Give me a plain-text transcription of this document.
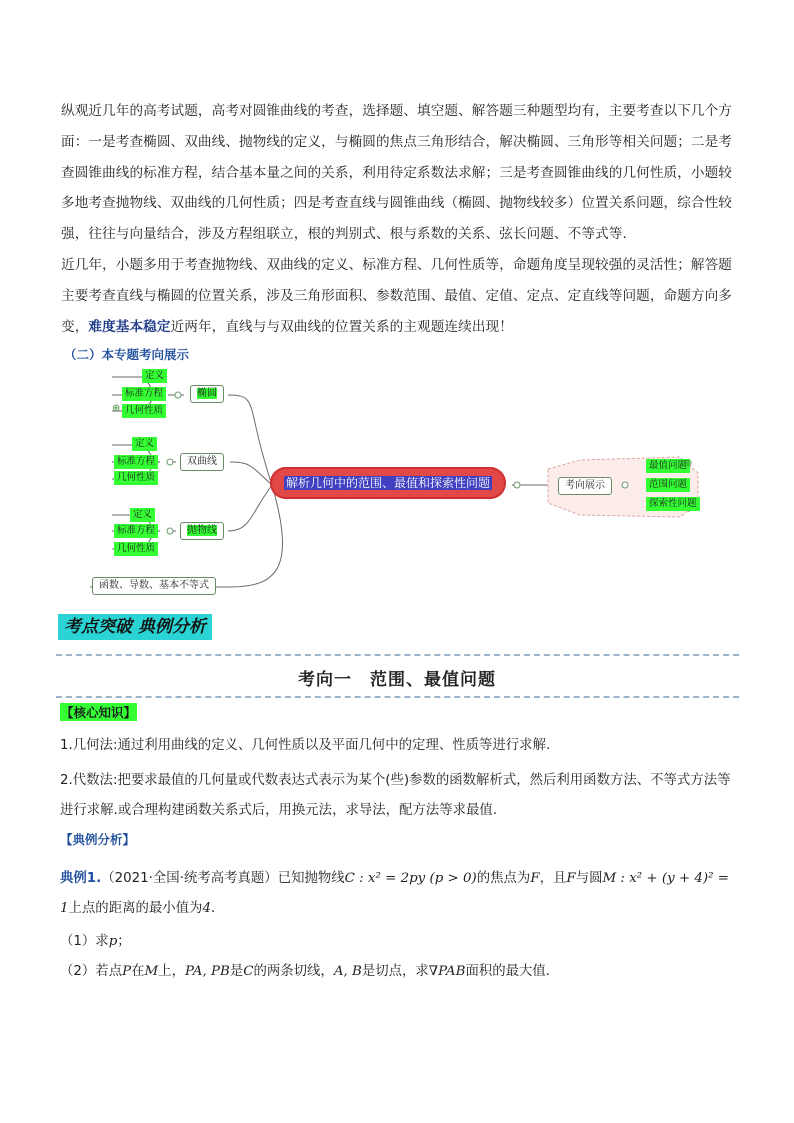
纵观近几年的高考试题，高考对圆锥曲线的考查，选择题、填空题、解答题三种题型均有，主要考查以下几个方面：一是考查椭圆、双曲线、抛物线的定义，与椭圆的焦点三角形结合，解决椭圆、三角形等相关问题；二是考查圆锥曲线的标准方程，结合基本量之间的关系，利用待定系数法求解；三是考查圆锥曲线的几何性质，小题较多地考查抛物线、双曲线的几何性质；四是考查直线与圆锥曲线（椭圆、抛物线较多）位置关系问题，综合性较强，往往与向量结合，涉及方程组联立，根的判别式、根与系数的关系、弦长问题、不等式等.

近几年，小题多用于考查抛物线、双曲线的定义、标准方程、几何性质等，命题角度呈现较强的灵活性；解答题主要考查直线与椭圆的位置关系，涉及三角形面积、参数范围、最值、定值、定点、定直线等问题，命题方向多变，难度基本稳定近两年，直线与与双曲线的位置关系的主观题连续出现！

（二）本专题考向展示
定义
标准方程
几何性质
⊕
椭圆
定义
标准方程
几何性质
双曲线
定义
标准方程
几何性质
抛物线
函数、导数、基本不等式
解析几何中的范围、最值和探索性问题	考向展示
最值问题
⊕
范围问题
探索性问题
考点突破 典例分析
考向一　范围、最值问题
【核心知识】
1.几何法:通过利用曲线的定义、几何性质以及平面几何中的定理、性质等进行求解.
2.代数法:把要求最值的几何量或代数表达式表示为某个(些)参数的函数解析式，然后利用函数方法、不等式方法等进行求解.或合理构建函数关系式后，用换元法，求导法，配方法等求最值.
【典例分析】
典例1.（2021·全国·统考高考真题）已知抛物线C : x² = 2py (p > 0)的焦点为F，且F与圆M : x² + (y + 4)² = 1上点的距离的最小值为4．
（1）求p；
（2）若点P在M上，PA, PB是C的两条切线，A, B是切点，求∇PAB面积的最大值．
